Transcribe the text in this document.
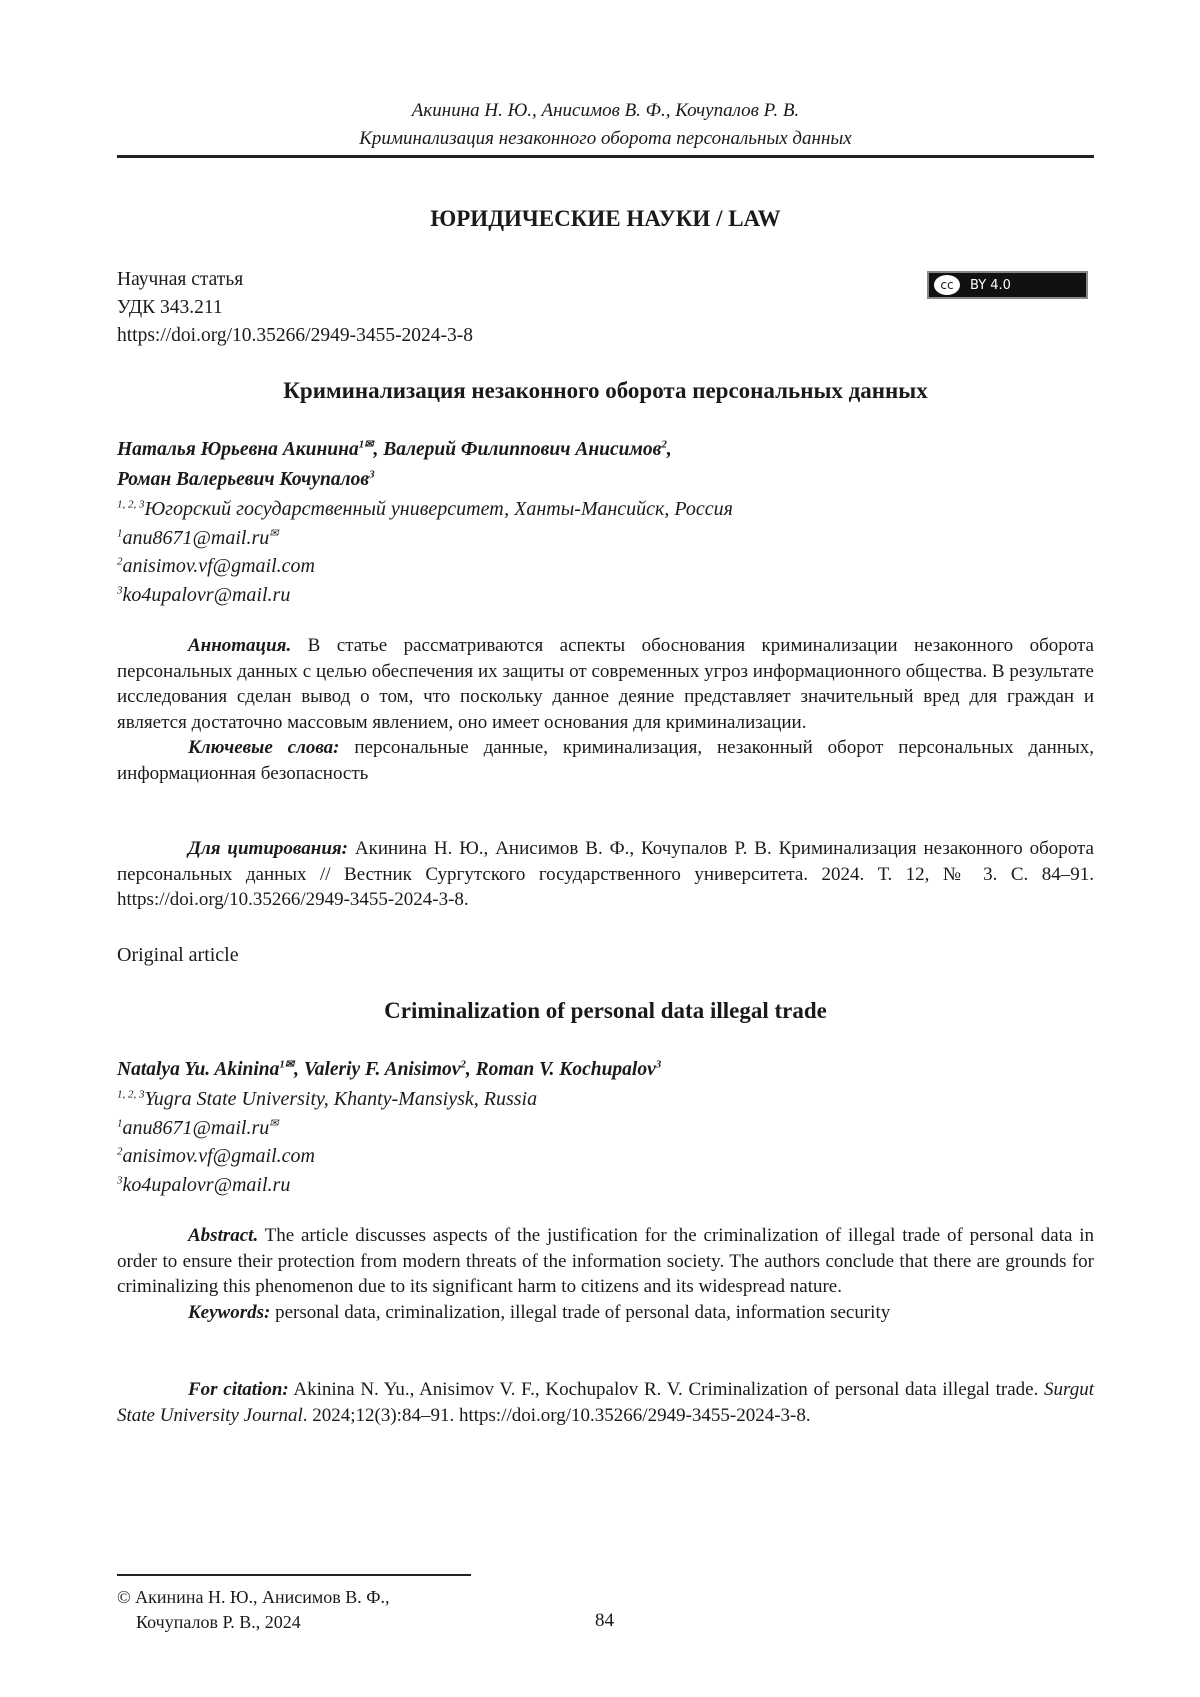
Акинина Н. Ю., Анисимов В. Ф., Кочупалов Р. В.
Криминализация незаконного оборота персональных данных
ЮРИДИЧЕСКИЕ НАУКИ / LAW
Научная статья
УДК 343.211
https://doi.org/10.35266/2949-3455-2024-3-8
cc	BY 4.0
Криминализация незаконного оборота персональных данных
Наталья Юрьевна Акинина1✉, Валерий Филиппович Анисимов2,
Роман Валерьевич Кочупалов3
1, 2, 3Югорский государственный университет, Ханты-Мансийск, Россия
1anu8671@mail.ru✉
2anisimov.vf@gmail.com
3ko4upalovr@mail.ru

Аннотация. В статье рассматриваются аспекты обоснования криминализации незаконного оборота персональных данных с целью обеспечения их защиты от современных угроз информационного общества. В результате исследования сделан вывод о том, что поскольку данное деяние представляет значительный вред для граждан и является достаточно массовым явлением, оно имеет основания для криминализации.

Ключевые слова: персональные данные, криминализация, незаконный оборот персональных данных, информационная безопасность

Для цитирования: Акинина Н. Ю., Анисимов В. Ф., Кочупалов Р. В. Криминализация незаконного оборота персональных данных // Вестник Сургутского государственного университета. 2024. Т. 12, № 3. С. 84–91. https://doi.org/10.35266/2949-3455-2024-3-8.

Original article
Criminalization of personal data illegal trade
Natalya Yu. Akinina1✉, Valeriy F. Anisimov2, Roman V. Kochupalov3
1, 2, 3Yugra State University, Khanty-Mansiysk, Russia
1anu8671@mail.ru✉
2anisimov.vf@gmail.com
3ko4upalovr@mail.ru

Abstract. The article discusses aspects of the justification for the criminalization of illegal trade of personal data in order to ensure their protection from modern threats of the information society. The authors conclude that there are grounds for criminalizing this phenomenon due to its significant harm to citizens and its widespread nature.

Keywords: personal data, criminalization, illegal trade of personal data, information security

For citation: Akinina N. Yu., Anisimov V. F., Kochupalov R. V. Criminalization of personal data illegal trade. Surgut State University Journal. 2024;12(3):84–91. https://doi.org/10.35266/2949-3455-2024-3-8.

© Акинина Н. Ю., Анисимов В. Ф.,
Кочупалов Р. В., 2024	84
